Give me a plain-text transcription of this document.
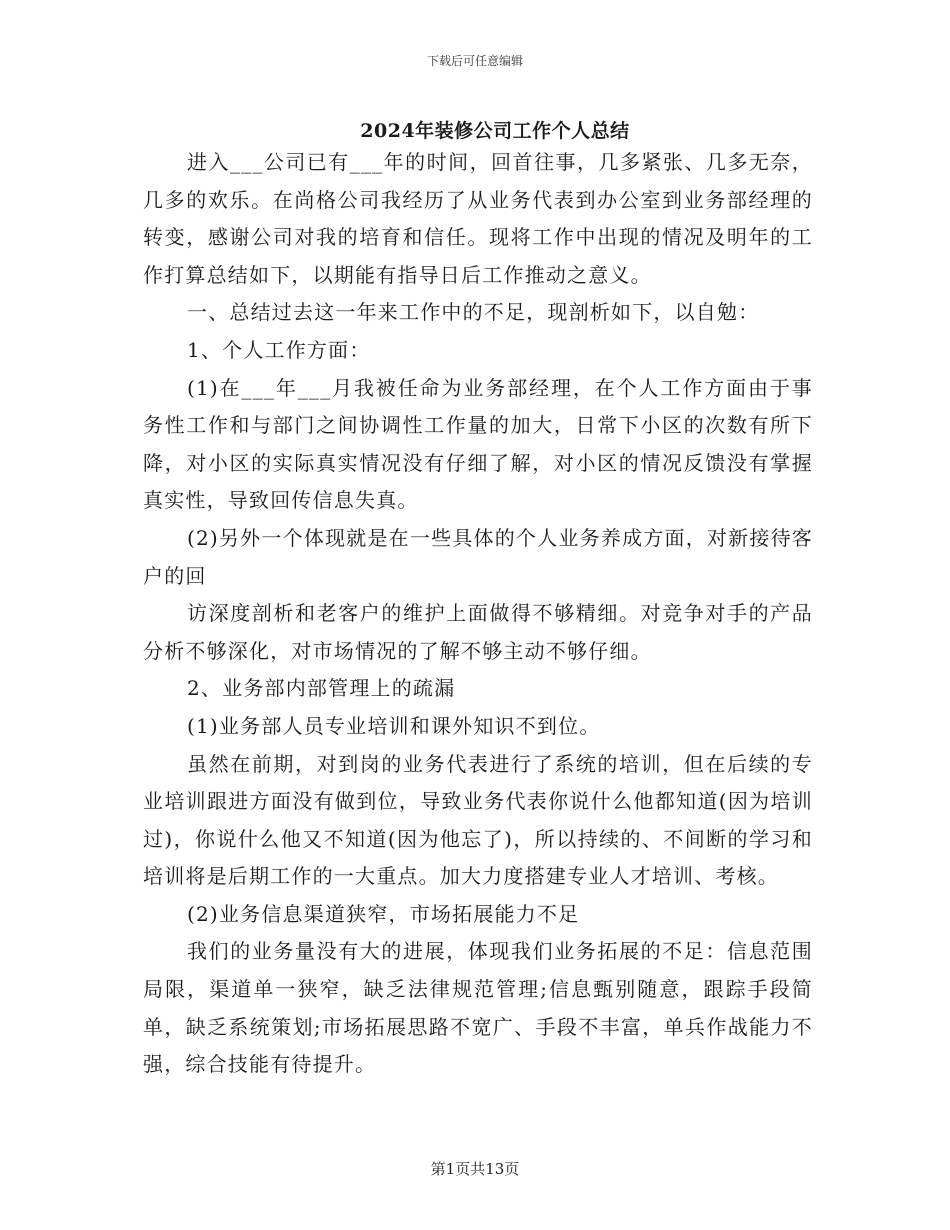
下载后可任意编辑
2024年装修公司工作个人总结

进入___公司已有___年的时间，回首往事，几多紧张、几多无奈，几多的欢乐。在尚格公司我经历了从业务代表到办公室到业务部经理的转变，感谢公司对我的培育和信任。现将工作中出现的情况及明年的工作打算总结如下，以期能有指导日后工作推动之意义。

一、总结过去这一年来工作中的不足，现剖析如下，以自勉：

1、个人工作方面：

(1)在___年___月我被任命为业务部经理，在个人工作方面由于事务性工作和与部门之间协调性工作量的加大，日常下小区的次数有所下降，对小区的实际真实情况没有仔细了解，对小区的情况反馈没有掌握真实性，导致回传信息失真。

(2)另外一个体现就是在一些具体的个人业务养成方面，对新接待客户的回

访深度剖析和老客户的维护上面做得不够精细。对竞争对手的产品分析不够深化，对市场情况的了解不够主动不够仔细。

2、业务部内部管理上的疏漏

(1)业务部人员专业培训和课外知识不到位。

虽然在前期，对到岗的业务代表进行了系统的培训，但在后续的专业培训跟进方面没有做到位，导致业务代表你说什么他都知道(因为培训过)，你说什么他又不知道(因为他忘了)，所以持续的、不间断的学习和培训将是后期工作的一大重点。加大力度搭建专业人才培训、考核。

(2)业务信息渠道狭窄，市场拓展能力不足

我们的业务量没有大的进展，体现我们业务拓展的不足：信息范围局限，渠道单一狭窄，缺乏法律规范管理;信息甄别随意，跟踪手段简单，缺乏系统策划;市场拓展思路不宽广、手段不丰富，单兵作战能力不强，综合技能有待提升。

第1页共13页
